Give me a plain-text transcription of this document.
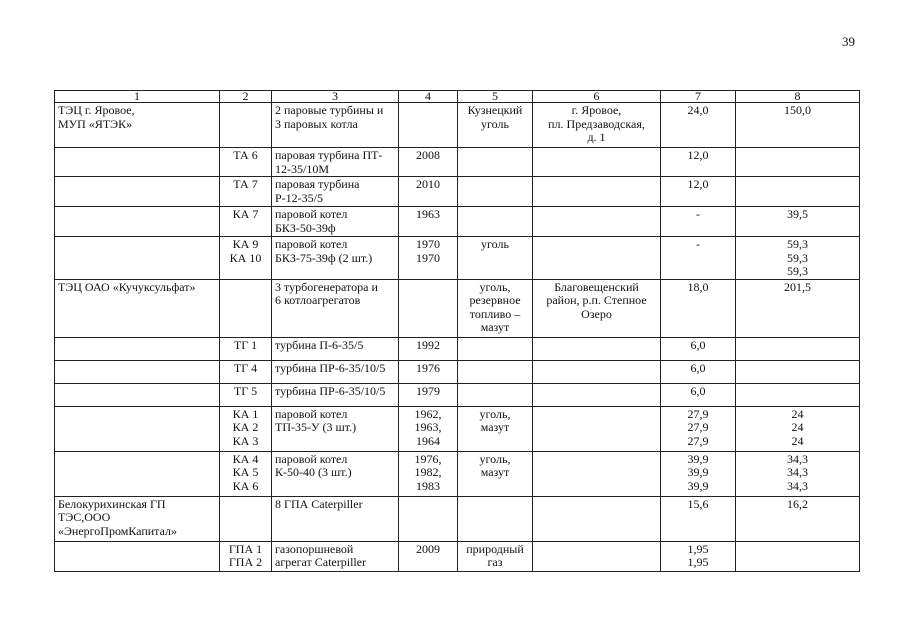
39
1	2	3	4	5	6	7	8

ТЭЦ г. Яровое,
МУП «ЯТЭК»		2 паровые турбины и
3 паровых котла		Кузнецкий
уголь	г. Яровое,
пл. Предзаводская,
д. 1	24,0	150,0

	ТА 6	паровая турбина ПТ-
12-35/10М	2008			12,0	

	ТА 7	паровая турбина
Р-12-35/5	2010			12,0	

	КА 7	паровой котел
БКЗ-50-39ф	1963			-	39,5

	КА 9
КА 10	паровой котел
БКЗ-75-39ф (2 шт.)	1970
1970	уголь		-	59,3
59,3
59,3

ТЭЦ ОАО «Кучуксульфат»		3 турбогенератора и
6 котлоагрегатов		уголь,
резервное
топливо –
мазут	Благовещенский
район, р.п. Степное
Озеро	18,0	201,5

	ТГ 1	турбина П-6-35/5	1992			6,0	

	ТГ 4	турбина ПР-6-35/10/5	1976			6,0	

	ТГ 5	турбина ПР-6-35/10/5	1979			6,0	

	КА 1
КА 2
КА 3	паровой котел
ТП-35-У (3 шт.)	1962,
1963,
1964	уголь,
мазут		27,9
27,9
27,9	24
24
24

	КА 4
КА 5
КА 6	паровой котел
К-50-40 (3 шт.)	1976,
1982,
1983	уголь,
мазут		39,9
39,9
39,9	34,3
34,3
34,3

Белокурихинская ГП
ТЭС,ООО
«ЭнергоПромКапитал»		8 ГПА Caterpiller				15,6	16,2

	ГПА 1
ГПА 2	газопоршневой
агрегат Caterpiller	2009	природный
газ		1,95
1,95	
